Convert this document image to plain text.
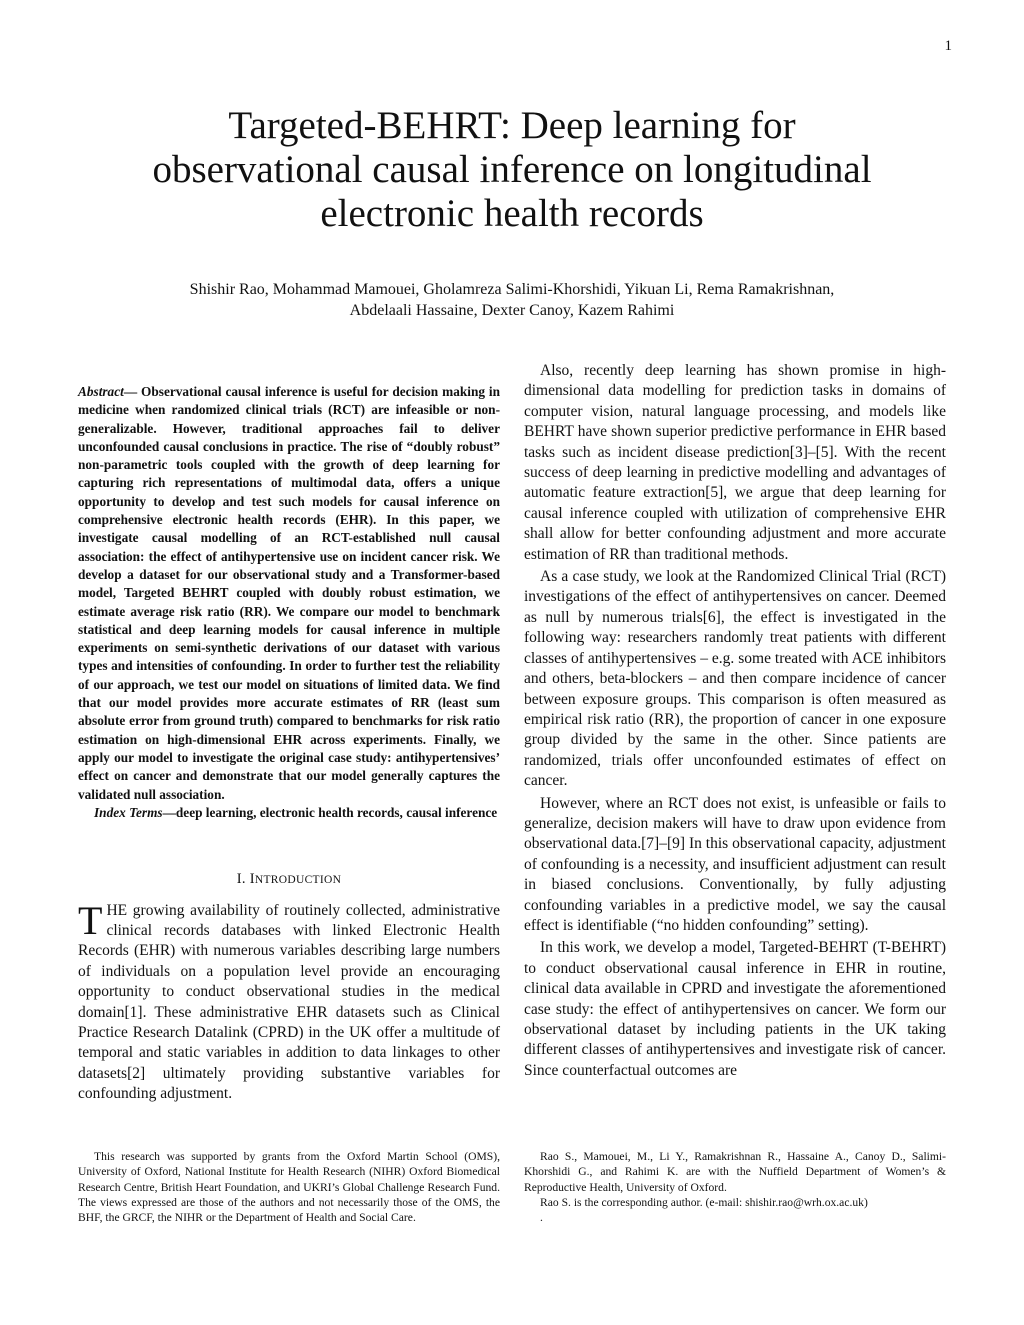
1
Targeted-BEHRT: Deep learning for
observational causal inference on longitudinal
electronic health records
Shishir Rao, Mohammad Mamouei, Gholamreza Salimi-Khorshidi, Yikuan Li, Rema Ramakrishnan,
Abdelaali Hassaine, Dexter Canoy, Kazem Rahimi

Abstract— Observational causal inference is useful for decision making in medicine when randomized clinical trials (RCT) are infeasible or non-generalizable. However, traditional approaches fail to deliver unconfounded causal conclusions in practice. The rise of “doubly robust” non-parametric tools coupled with the growth of deep learning for capturing rich representations of multimodal data, offers a unique opportunity to develop and test such models for causal inference on comprehensive electronic health records (EHR). In this paper, we investigate causal modelling of an RCT-established null causal association: the effect of antihypertensive use on incident cancer risk. We develop a dataset for our observational study and a Transformer-based model, Targeted BEHRT coupled with doubly robust estimation, we estimate average risk ratio (RR). We compare our model to benchmark statistical and deep learning models for causal inference in multiple experiments on semi-synthetic derivations of our dataset with various types and intensities of confounding. In order to further test the reliability of our approach, we test our model on situations of limited data. We find that our model provides more accurate estimates of RR (least sum absolute error from ground truth) compared to benchmarks for risk ratio estimation on high-dimensional EHR across experiments. Finally, we apply our model to investigate the original case study: antihypertensives’ effect on cancer and demonstrate that our model generally captures the validated null association.

Index Terms—deep learning, electronic health records, causal inference

I. INTRODUCTION

THE growing availability of routinely collected, administrative clinical records databases with linked Electronic Health Records (EHR) with numerous variables describing large numbers of individuals on a population level provide an encouraging opportunity to conduct observational studies in the medical domain[1]. These administrative EHR datasets such as Clinical Practice Research Datalink (CPRD) in the UK offer a multitude of temporal and static variables in addition to data linkages to other datasets[2] ultimately providing substantive variables for confounding adjustment.

Also, recently deep learning has shown promise in high-dimensional data modelling for prediction tasks in domains of computer vision, natural language processing, and models like BEHRT have shown superior predictive performance in EHR based tasks such as incident disease prediction[3]–[5]. With the recent success of deep learning in predictive modelling and advantages of automatic feature extraction[5], we argue that deep learning for causal inference coupled with utilization of comprehensive EHR shall allow for better confounding adjustment and more accurate estimation of RR than traditional methods.

As a case study, we look at the Randomized Clinical Trial (RCT) investigations of the effect of antihypertensives on cancer. Deemed as null by numerous trials[6], the effect is investigated in the following way: researchers randomly treat patients with different classes of antihypertensives – e.g. some treated with ACE inhibitors and others, beta-blockers – and then compare incidence of cancer between exposure groups. This comparison is often measured as empirical risk ratio (RR), the proportion of cancer in one exposure group divided by the same in the other. Since patients are randomized, trials offer unconfounded estimates of effect on cancer.

However, where an RCT does not exist, is unfeasible or fails to generalize, decision makers will have to draw upon evidence from observational data.[7]–[9] In this observational capacity, adjustment of confounding is a necessity, and insufficient adjustment can result in biased conclusions. Conventionally, by fully adjusting confounding variables in a predictive model, we say the causal effect is identifiable (“no hidden confounding” setting).

In this work, we develop a model, Targeted-BEHRT (T-BEHRT) to conduct observational causal inference in EHR in routine, clinical data available in CPRD and investigate the aforementioned case study: the effect of antihypertensives on cancer. We form our observational dataset by including patients in the UK taking different classes of antihypertensives and investigate risk of cancer. Since counterfactual outcomes are

This research was supported by grants from the Oxford Martin School (OMS), University of Oxford, National Institute for Health Research (NIHR) Oxford Biomedical Research Centre, British Heart Foundation, and UKRI’s Global Challenge Research Fund. The views expressed are those of the authors and not necessarily those of the OMS, the BHF, the GRCF, the NIHR or the Department of Health and Social Care.

Rao S., Mamouei, M., Li Y., Ramakrishnan R., Hassaine A., Canoy D., Salimi-Khorshidi G., and Rahimi K. are with the Nuffield Department of Women’s & Reproductive Health, University of Oxford.

Rao S. is the corresponding author. (e-mail: shishir.rao@wrh.ox.ac.uk)

.
